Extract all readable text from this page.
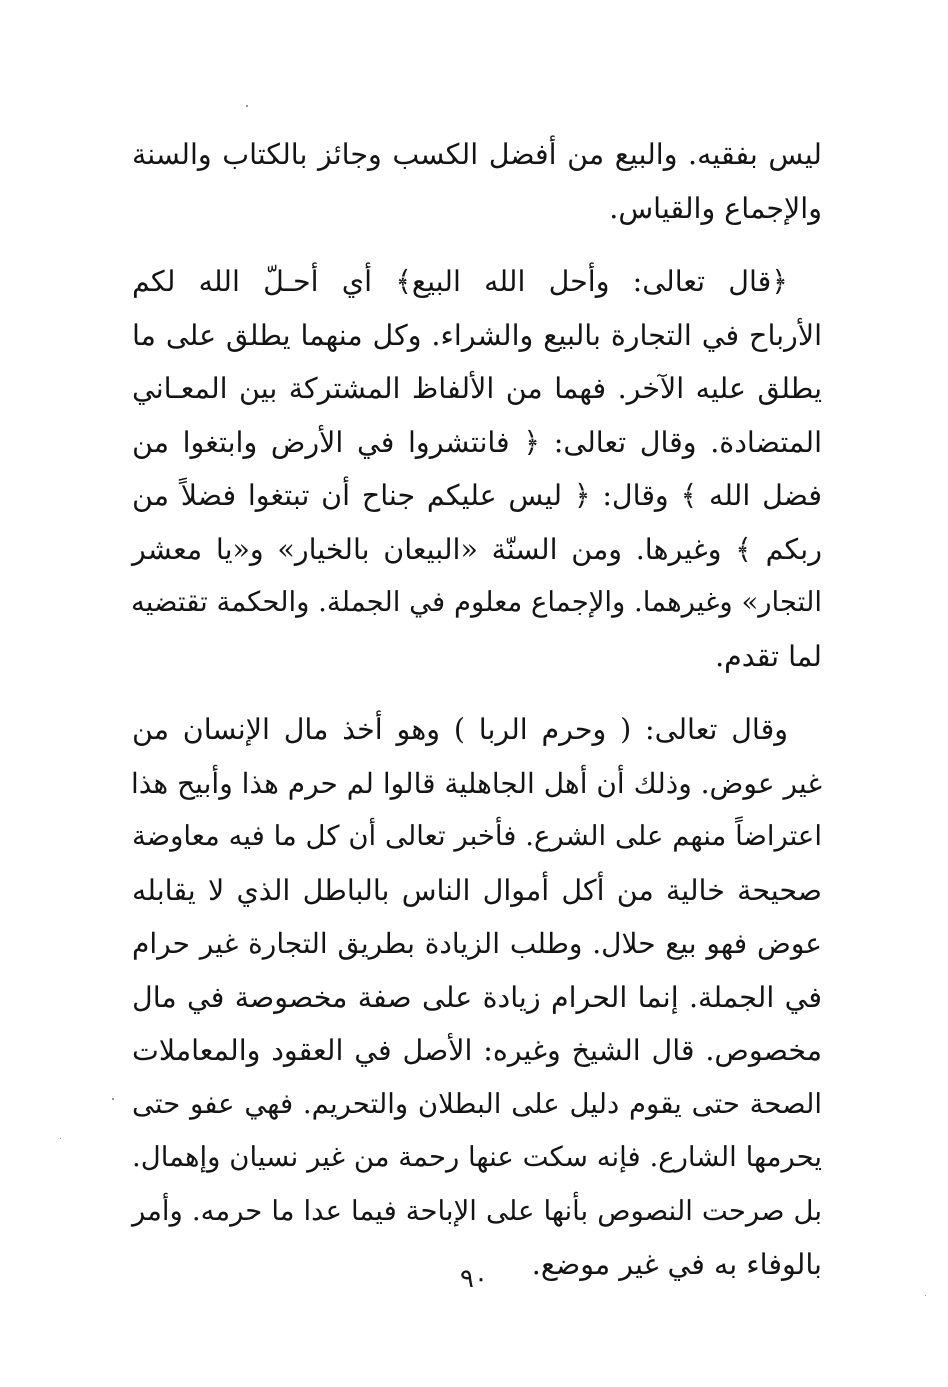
ليس بفقيه. والبيع من أفضل الكسب وجائز بالكتاب والسنة
والإجماع والقياس.
﴿قال تعالى: وأحل الله البيع﴾ أي أحـلّ الله لكم
الأرباح في التجارة بالبيع والشراء. وكل منهما يطلق على ما
يطلق عليه الآخر. فهما من الألفاظ المشتركة بين المعـاني
المتضادة. وقال تعالى: ﴿ فانتشروا في الأرض وابتغوا من
فضل الله ﴾ وقال: ﴿ ليس عليكم جناح أن تبتغوا فضلاً من
ربكم ﴾ وغيرها. ومن السنّة «البيعان بالخيار» و«يا معشر
التجار» وغيرهما. والإجماع معلوم في الجملة. والحكمة تقتضيه
لما تقدم.
وقال تعالى: ( وحرم الربا ) وهو أخذ مال الإنسان من
غير عوض. وذلك أن أهل الجاهلية قالوا لم حرم هذا وأبيح هذا
اعتراضاً منهم على الشرع. فأخبر تعالى أن كل ما فيه معاوضة
صحيحة خالية من أكل أموال الناس بالباطل الذي لا يقابله
عوض فهو بيع حلال. وطلب الزيادة بطريق التجارة غير حرام
في الجملة. إنما الحرام زيادة على صفة مخصوصة في مال
مخصوص. قال الشيخ وغيره: الأصل في العقود والمعاملات
الصحة حتى يقوم دليل على البطلان والتحريم. فهي عفو حتى
يحرمها الشارع. فإنه سكت عنها رحمة من غير نسيان وإهمال.
بل صرحت النصوص بأنها على الإباحة فيما عدا ما حرمه. وأمر
بالوفاء به في غير موضع.
٩٠
